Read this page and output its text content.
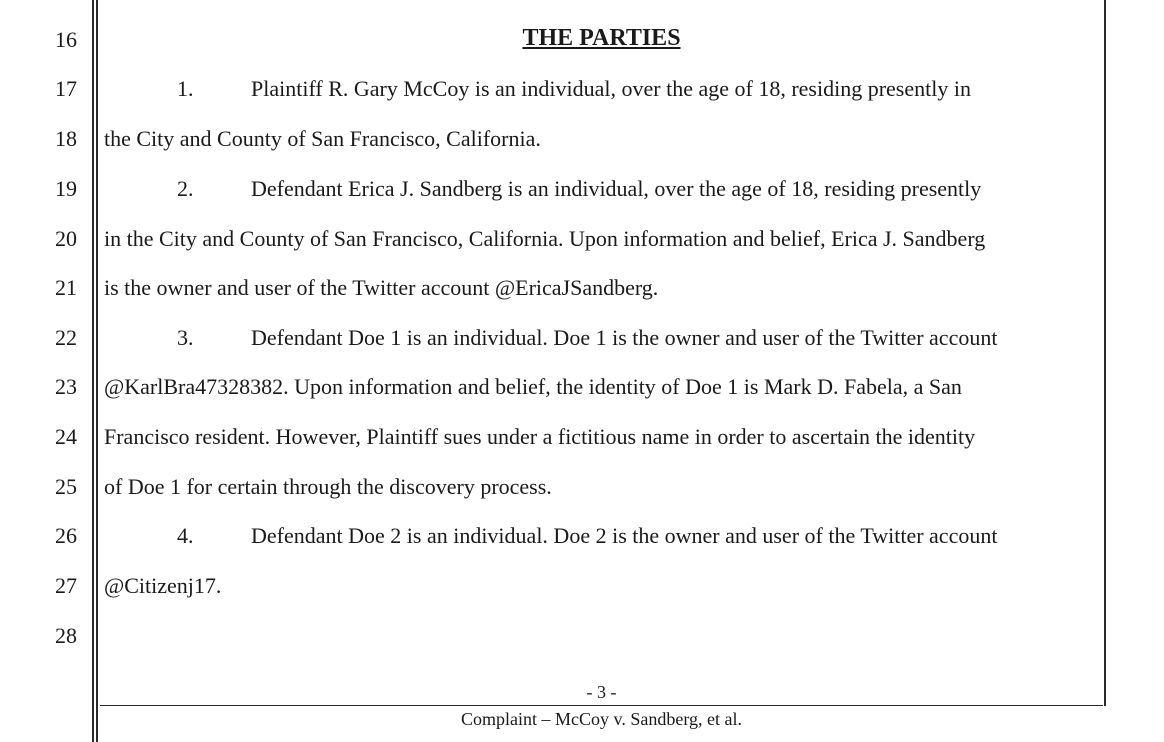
16
17
18
19
20
21
22
23
24
25
26
27
28
THE PARTIES
1.	Plaintiff R. Gary McCoy is an individual, over the age of 18, residing presently in
the City and County of San Francisco, California.
2.	Defendant Erica J. Sandberg is an individual, over the age of 18, residing presently
in the City and County of San Francisco, California. Upon information and belief, Erica J. Sandberg
is the owner and user of the Twitter account @EricaJSandberg.
3.	Defendant Doe 1 is an individual. Doe 1 is the owner and user of the Twitter account
@KarlBra47328382. Upon information and belief, the identity of Doe 1 is Mark D. Fabela, a San
Francisco resident. However, Plaintiff sues under a fictitious name in order to ascertain the identity
of Doe 1 for certain through the discovery process.
4.	Defendant Doe 2 is an individual. Doe 2 is the owner and user of the Twitter account
@Citizenj17.
- 3 -
Complaint – McCoy v. Sandberg, et al.
